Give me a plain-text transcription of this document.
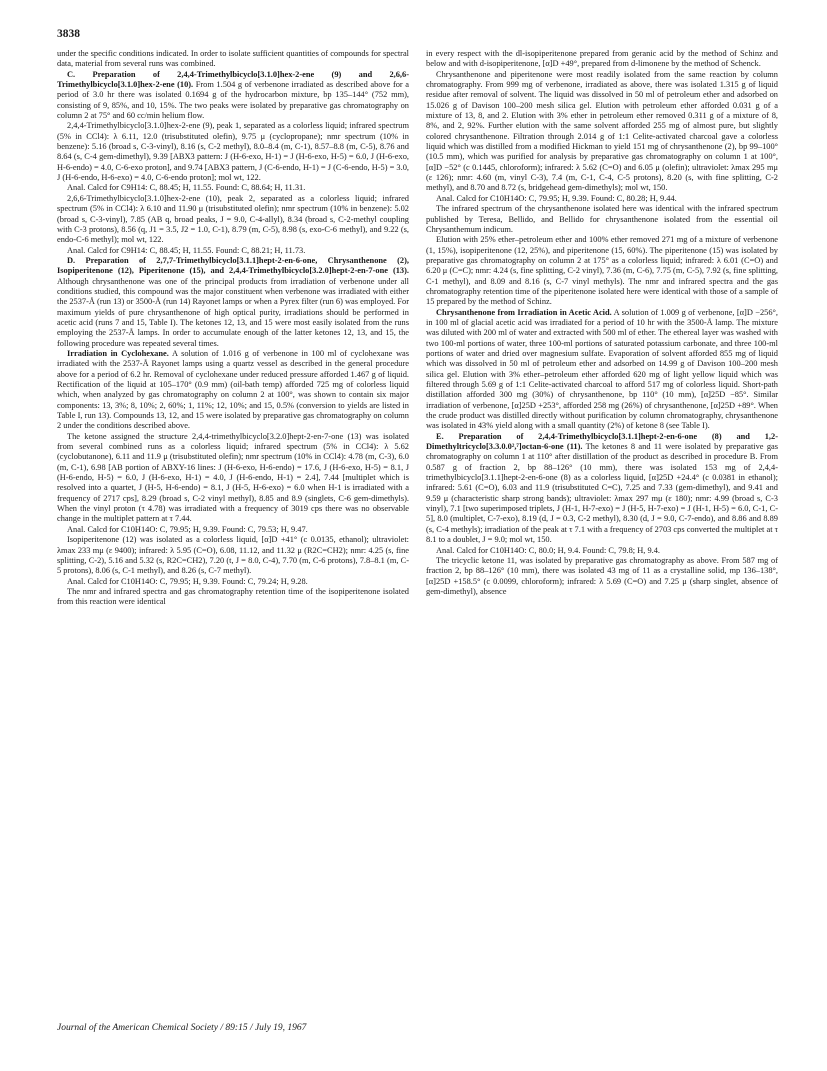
3838

under the specific conditions indicated. In order to isolate sufficient quantities of compounds for spectral data, material from several runs was combined.

C. Preparation of 2,4,4-Trimethylbicyclo[3.1.0]hex-2-ene (9) and 2,6,6-Trimethylbicyclo[3.1.0]hex-2-ene (10). From 1.504 g of verbenone irradiated as described above for a period of 3.0 hr there was isolated 0.1694 g of the hydrocarbon mixture, bp 135–144° (752 mm), consisting of 9, 85%, and 10, 15%. The two peaks were isolated by preparative gas chromatography on column 2 at 75° and 60 cc/min helium flow.

2,4,4-Trimethylbicyclo[3.1.0]hex-2-ene (9), peak 1, separated as a colorless liquid; infrared spectrum (5% in CCl4): λ 6.11, 12.0 (trisubstituted olefin), 9.75 μ (cyclopropane); nmr spectrum (10% in benzene): 5.16 (broad s, C-3-vinyl), 8.16 (s, C-2 methyl), 8.0–8.4 (m, C-1), 8.57–8.8 (m, C-5), 8.76 and 8.64 (s, C-4 gem-dimethyl), 9.39 [ABX3 pattern: J (H-6-exo, H-1) = J (H-6-exo, H-5) = 6.0, J (H-6-exo, H-6-endo) = 4.0, C-6-exo proton], and 9.74 [ABX3 pattern, J (C-6-endo, H-1) = J (C-6-endo, H-5) = 3.0, J (H-6-endo, H-6-exo) = 4.0, C-6-endo proton]; mol wt, 122.

Anal. Calcd for C9H14: C, 88.45; H, 11.55. Found: C, 88.64; H, 11.31.

2,6,6-Trimethylbicyclo[3.1.0]hex-2-ene (10), peak 2, separated as a colorless liquid; infrared spectrum (5% in CCl4): λ 6.10 and 11.90 μ (trisubstituted olefin); nmr spectrum (10% in benzene): 5.02 (broad s, C-3-vinyl), 7.85 (AB q, broad peaks, J = 9.0, C-4-allyl), 8.34 (broad s, C-2-methyl coupling with C-3 protons), 8.56 (q, J1 = 3.5, J2 = 1.0, C-1), 8.79 (m, C-5), 8.98 (s, exo-C-6 methyl), and 9.22 (s, endo-C-6 methyl); mol wt, 122.

Anal. Calcd for C9H14: C, 88.45; H, 11.55. Found: C, 88.21; H, 11.73.

D. Preparation of 2,7,7-Trimethylbicyclo[3.1.1]hept-2-en-6-one, Chrysanthenone (2), Isopiperitenone (12), Piperitenone (15), and 2,4,4-Trimethylbicyclo[3.2.0]hept-2-en-7-one (13). Although chrysanthenone was one of the principal products from irradiation of verbenone under all conditions studied, this compound was the major constituent when verbenone was irradiated with either the 2537-Å (run 13) or 3500-Å (run 14) Rayonet lamps or when a Pyrex filter (run 6) was employed. For maximum yields of pure chrysanthenone of high optical purity, irradiations should be performed in acetic acid (runs 7 and 15, Table I). The ketones 12, 13, and 15 were most easily isolated from the runs employing the 2537-Å lamps. In order to accumulate enough of the latter ketones 12, 13, and 15, the following procedure was repeated several times.

Irradiation in Cyclohexane. A solution of 1.016 g of verbenone in 100 ml of cyclohexane was irradiated with the 2537-Å Rayonet lamps using a quartz vessel as described in the general procedure above for a period of 6.2 hr. Removal of cyclohexane under reduced pressure afforded 1.467 g of liquid. Rectification of the liquid at 105–170° (0.9 mm) (oil-bath temp) afforded 725 mg of colorless liquid which, when analyzed by gas chromatography on column 2 at 100°, was shown to contain six major components: 13, 3%; 8, 10%; 2, 60%; 1, 11%; 12, 10%; and 15, 0.5% (conversion to yields are listed in Table I, run 13). Compounds 13, 12, and 15 were isolated by preparative gas chromatography on column 2 under the conditions described above.

The ketone assigned the structure 2,4,4-trimethylbicyclo[3.2.0]hept-2-en-7-one (13) was isolated from several combined runs as a colorless liquid; infrared spectrum (5% in CCl4): λ 5.62 (cyclobutanone), 6.11 and 11.9 μ (trisubstituted olefin); nmr spectrum (10% in CCl4): 4.78 (m, C-3), 6.0 (m, C-1), 6.98 [AB portion of ABXY-16 lines: J (H-6-exo, H-6-endo) = 17.6, J (H-6-exo, H-5) = 8.1, J (H-6-endo, H-5) = 6.0, J (H-6-exo, H-1) = 4.0, J (H-6-endo, H-1) = 2.4], 7.44 [multiplet which is resolved into a quartet, J (H-5, H-6-endo) = 8.1, J (H-5, H-6-exo) = 6.0 when H-1 is irradiated with a frequency of 2717 cps], 8.29 (broad s, C-2 vinyl methyl), 8.85 and 8.9 (singlets, C-6 gem-dimethyls). When the vinyl proton (τ 4.78) was irradiated with a frequency of 3019 cps there was no observable change in the multiplet pattern at τ 7.44.

Anal. Calcd for C10H14O: C, 79.95; H, 9.39. Found: C, 79.53; H, 9.47.

Isopiperitenone (12) was isolated as a colorless liquid, [α]D +41° (c 0.0135, ethanol); ultraviolet: λmax 233 mμ (ε 9400); infrared: λ 5.95 (C=O), 6.08, 11.12, and 11.32 μ (R2C=CH2); nmr: 4.25 (s, fine splitting, C-2), 5.16 and 5.32 (s, R2C=CH2), 7.20 (t, J = 8.0, C-4), 7.70 (m, C-6 protons), 7.8–8.1 (m, C-5 protons), 8.06 (s, C-1 methyl), and 8.26 (s, C-7 methyl).

Anal. Calcd for C10H14O: C, 79.95; H, 9.39. Found: C, 79.24; H, 9.28.

The nmr and infrared spectra and gas chromatography retention time of the isopiperitenone isolated from this reaction were identical

in every respect with the dl-isopiperitenone prepared from geranic acid by the method of Schinz and below and with d-isopiperitenone, [α]D +49°, prepared from d-limonene by the method of Schenck.

Chrysanthenone and piperitenone were most readily isolated from the same reaction by column chromatography. From 999 mg of verbenone, irradiated as above, there was isolated 1.315 g of liquid residue after removal of solvent. The liquid was dissolved in 50 ml of petroleum ether and adsorbed on 15.026 g of Davison 100–200 mesh silica gel. Elution with petroleum ether afforded 0.031 g of a mixture of 13, 8, and 2. Elution with 3% ether in petroleum ether removed 0.311 g of a mixture of 8, 8%, and 2, 92%. Further elution with the same solvent afforded 255 mg of almost pure, but slightly colored chrysanthenone. Filtration through 2.014 g of 1:1 Celite-activated charcoal gave a colorless liquid which was distilled from a modified Hickman to yield 151 mg of chrysanthenone (2), bp 99–100° (10.5 mm), which was purified for analysis by preparative gas chromatography on column 1 at 100°, [α]D −52° (c 0.1445, chloroform); infrared: λ 5.62 (C=O) and 6.05 μ (olefin); ultraviolet: λmax 295 mμ (ε 126); nmr: 4.60 (m, vinyl C-3), 7.4 (m, C-1, C-4, C-5 protons), 8.20 (s, with fine splitting, C-2 methyl), and 8.70 and 8.72 (s, bridgehead gem-dimethyls); mol wt, 150.

Anal. Calcd for C10H14O: C, 79.95; H, 9.39. Found: C, 80.28; H, 9.44.

The infrared spectrum of the chrysanthenone isolated here was identical with the infrared spectrum published by Teresa, Bellido, and Bellido for chrysanthenone isolated from the essential oil Chrysanthemum indicum.

Elution with 25% ether–petroleum ether and 100% ether removed 271 mg of a mixture of verbenone (1, 15%), isopiperitenone (12, 25%), and piperitenone (15, 60%). The piperitenone (15) was isolated by preparative gas chromatography on column 2 at 175° as a colorless liquid; infrared: λ 6.01 (C=O) and 6.20 μ (C=C); nmr: 4.24 (s, fine splitting, C-2 vinyl), 7.36 (m, C-6), 7.75 (m, C-5), 7.92 (s, fine splitting, C-1 methyl), and 8.09 and 8.16 (s, C-7 vinyl methyls). The nmr and infrared spectra and the gas chromatography retention time of the piperitenone isolated here were identical with those of a sample of 15 prepared by the method of Schinz.

Chrysanthenone from Irradiation in Acetic Acid. A solution of 1.009 g of verbenone, [α]D −256°, in 100 ml of glacial acetic acid was irradiated for a period of 10 hr with the 3500-Å lamp. The mixture was diluted with 200 ml of water and extracted with 500 ml of ether. The ethereal layer was washed with two 100-ml portions of water, three 100-ml portions of saturated potassium carbonate, and three 100-ml portions of water and dried over magnesium sulfate. Evaporation of solvent afforded 855 mg of liquid which was dissolved in 50 ml of petroleum ether and adsorbed on 14.99 g of Davison 100–200 mesh silica gel. Elution with 3% ether–petroleum ether afforded 620 mg of light yellow liquid which was filtered through 5.69 g of 1:1 Celite-activated charcoal to afford 517 mg of colorless liquid. Short-path distillation afforded 300 mg (30%) of chrysanthenone, bp 110° (10 mm), [α]25D −85°. Similar irradiation of verbenone, [α]25D +253°, afforded 258 mg (26%) of chrysanthenone, [α]25D +89°. When the crude product was distilled directly without purification by column chromatography, chrysanthenone was isolated in 43% yield along with a small quantity (2%) of ketone 8 (see Table I).

E. Preparation of 2,4,4-Trimethylbicyclo[3.1.1]hept-2-en-6-one (8) and 1,2-Dimethyltricyclo[3.3.0.0²,⁷]octan-6-one (11). The ketones 8 and 11 were isolated by preparative gas chromatography on column 1 at 110° after distillation of the product as described in procedure B. From 0.587 g of fraction 2, bp 88–126° (10 mm), there was isolated 153 mg of 2,4,4-trimethylbicyclo[3.1.1]hept-2-en-6-one (8) as a colorless liquid, [α]25D +24.4° (c 0.0381 in ethanol); infrared: 5.61 (C=O), 6.03 and 11.9 (trisubstituted C=C), 7.25 and 7.33 (gem-dimethyl), and 9.41 and 9.59 μ (characteristic sharp strong bands); ultraviolet: λmax 297 mμ (ε 180); nmr: 4.99 (broad s, C-3 vinyl), 7.1 [two superimposed triplets, J (H-1, H-7-exo) = J (H-5, H-7-exo) = J (H-1, H-5) = 6.0, C-1, C-5], 8.0 (multiplet, C-7-exo), 8.19 (d, J = 0.3, C-2 methyl), 8.30 (d, J = 9.0, C-7-endo), and 8.86 and 8.89 (s, C-4 methyls); irradiation of the peak at τ 7.1 with a frequency of 2703 cps converted the multiplet at τ 8.1 to a doublet, J = 9.0; mol wt, 150.

Anal. Calcd for C10H14O: C, 80.0; H, 9.4. Found: C, 79.8; H, 9.4.

The tricyclic ketone 11, was isolated by preparative gas chromatography as above. From 587 mg of fraction 2, bp 88–126° (10 mm), there was isolated 43 mg of 11 as a crystalline solid, mp 136–138°, [α]25D +158.5° (c 0.0099, chloroform); infrared: λ 5.69 (C=O) and 7.25 μ (sharp singlet, absence of gem-dimethyl), absence

Journal of the American Chemical Society / 89:15 / July 19, 1967
